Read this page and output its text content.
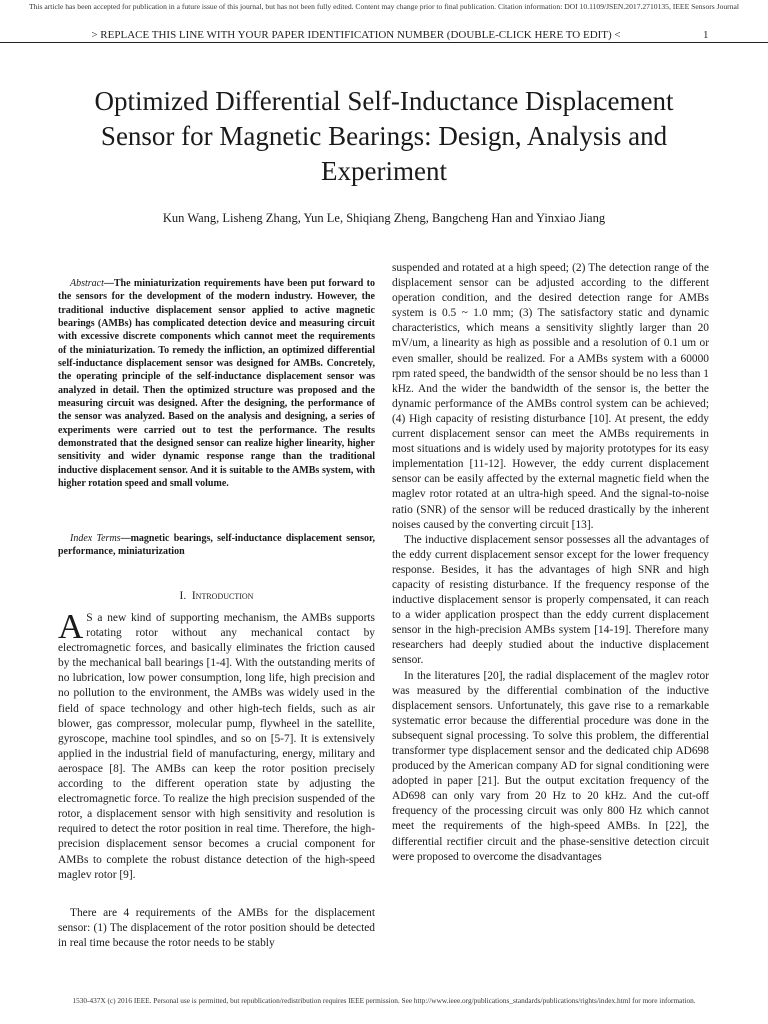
This article has been accepted for publication in a future issue of this journal, but has not been fully edited. Content may change prior to final publication. Citation information: DOI 10.1109/JSEN.2017.2710135, IEEE Sensors Journal
> REPLACE THIS LINE WITH YOUR PAPER IDENTIFICATION NUMBER (DOUBLE-CLICK HERE TO EDIT) <	1
Optimized Differential Self-Inductance Displacement Sensor for Magnetic Bearings: Design, Analysis and Experiment
Kun Wang, Lisheng Zhang, Yun Le, Shiqiang Zheng, Bangcheng Han and Yinxiao Jiang
Abstract—The miniaturization requirements have been put forward to the sensors for the development of the modern industry. However, the traditional inductive displacement sensor applied to active magnetic bearings (AMBs) has complicated detection device and measuring circuit with excessive discrete components which cannot meet the requirements of the miniaturization. To remedy the infliction, an optimized differential self-inductance displacement sensor was designed for AMBs. Concretely, the operating principle of the self-inductance displacement sensor was analyzed in detail. Then the optimized structure was proposed and the measuring circuit was designed. After the designing, the performance of the sensor was analyzed. Based on the analysis and designing, a series of experiments were carried out to test the performance. The results demonstrated that the designed sensor can realize higher linearity, higher sensitivity and wider dynamic response range than the traditional inductive displacement sensor. And it is suitable to the AMBs system, with higher rotation speed and small volume.
Index Terms—magnetic bearings, self-inductance displacement sensor, performance, miniaturization
I. Introduction
A S a new kind of supporting mechanism, the AMBs supports rotating rotor without any mechanical contact by electromagnetic forces, and basically eliminates the friction caused by the mechanical ball bearings [1-4]. With the outstanding merits of no lubrication, low power consumption, long life, high precision and no pollution to the environment, the AMBs was widely used in the field of space technology and other high-tech fields, such as air blower, gas compressor, molecular pump, flywheel in the satellite, gyroscope, machine tool spindles, and so on [5-7]. It is extensively applied in the industrial field of manufacturing, energy, military and aerospace [8]. The AMBs can keep the rotor position precisely according to the different operation state by adjusting the electromagnetic force. To realize the high precision suspended of the rotor, a displacement sensor with high sensitivity and resolution is required to detect the rotor position in real time. Therefore, the high-precision displacement sensor becomes a crucial component for AMBs to complete the robust distance detection of the high-speed maglev rotor [9].

There are 4 requirements of the AMBs for the displacement sensor: (1) The displacement of the rotor position should be detected in real time because the rotor needs to be stably

suspended and rotated at a high speed; (2) The detection range of the displacement sensor can be adjusted according to the different operation condition, and the desired detection range for AMBs system is 0.5 ~ 1.0 mm; (3) The satisfactory static and dynamic characteristics, which means a sensitivity slightly larger than 20 mV/um, a linearity as high as possible and a resolution of 0.1 um or even smaller, should be realized. For a AMBs system with a 60000 rpm rated speed, the bandwidth of the sensor should be no less than 1 kHz. And the wider the bandwidth of the sensor is, the better the dynamic performance of the AMBs control system can be achieved; (4) High capacity of resisting disturbance [10]. At present, the eddy current displacement sensor can meet the AMBs requirements in most situations and is widely used by majority prototypes for its easy implementation [11-12]. However, the eddy current displacement sensor can be easily affected by the external magnetic field when the maglev rotor rotated at an ultra-high speed. And the signal-to-noise ratio (SNR) of the sensor will be reduced drastically by the inherent noises caused by the converting circuit [13].

The inductive displacement sensor possesses all the advantages of the eddy current displacement sensor except for the lower frequency response. Besides, it has the advantages of high SNR and high capacity of resisting disturbance. If the frequency response of the inductive displacement sensor is properly compensated, it can reach to a wider application prospect than the eddy current displacement sensor in the high-precision AMBs system [14-19]. Therefore many researchers had deeply studied about the inductive displacement sensor.

In the literatures [20], the radial displacement of the maglev rotor was measured by the differential combination of the inductive displacement sensors. Unfortunately, this gave rise to a remarkable systematic error because the differential procedure was done in the subsequent signal processing. To solve this problem, the differential transformer type displacement sensor and the dedicated chip AD698 produced by the American company AD for signal conditioning were adopted in paper [21]. But the output excitation frequency of the AD698 can only vary from 20 Hz to 20 kHz. And the cut-off frequency of the processing circuit was only 800 Hz which cannot meet the requirements of the high-speed AMBs. In [22], the differential rectifier circuit and the phase-sensitive detection circuit were proposed to overcome the disadvantages

1530-437X (c) 2016 IEEE. Personal use is permitted, but republication/redistribution requires IEEE permission. See http://www.ieee.org/publications_standards/publications/rights/index.html for more information.
